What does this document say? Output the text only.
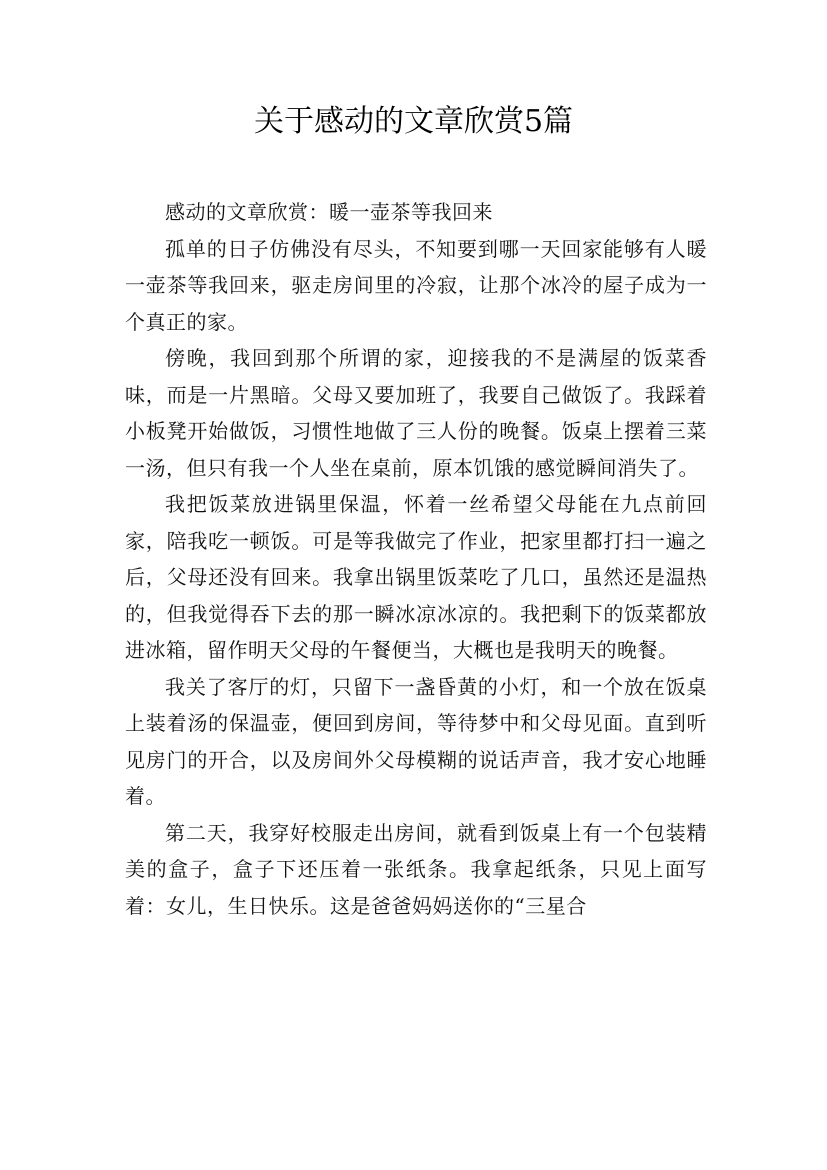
关于感动的文章欣赏5篇

感动的文章欣赏：暖一壶茶等我回来

孤单的日子仿佛没有尽头，不知要到哪一天回家能够有人暖一壶茶等我回来，驱走房间里的冷寂，让那个冰冷的屋子成为一个真正的家。

傍晚，我回到那个所谓的家，迎接我的不是满屋的饭菜香味，而是一片黑暗。父母又要加班了，我要自己做饭了。我踩着小板凳开始做饭，习惯性地做了三人份的晚餐。饭桌上摆着三菜一汤，但只有我一个人坐在桌前，原本饥饿的感觉瞬间消失了。

我把饭菜放进锅里保温，怀着一丝希望父母能在九点前回家，陪我吃一顿饭。可是等我做完了作业，把家里都打扫一遍之后，父母还没有回来。我拿出锅里饭菜吃了几口，虽然还是温热的，但我觉得吞下去的那一瞬冰凉冰凉的。我把剩下的饭菜都放进冰箱，留作明天父母的午餐便当，大概也是我明天的晚餐。

我关了客厅的灯，只留下一盏昏黄的小灯，和一个放在饭桌上装着汤的保温壶，便回到房间，等待梦中和父母见面。直到听见房门的开合，以及房间外父母模糊的说话声音，我才安心地睡着。

第二天，我穿好校服走出房间，就看到饭桌上有一个包装精美的盒子，盒子下还压着一张纸条。我拿起纸条，只见上面写着：女儿，生日快乐。这是爸爸妈妈送你的“三星合
